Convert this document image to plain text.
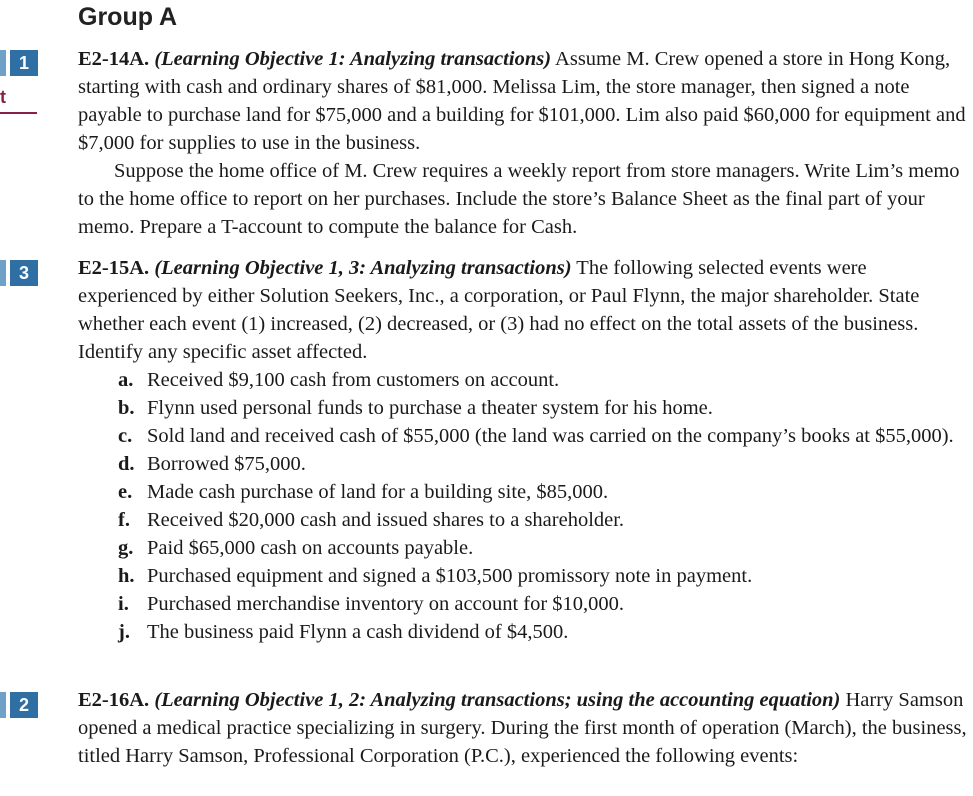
Group A
1
t
3
2

E2-14A. (Learning Objective 1: Analyzing transactions) Assume M. Crew opened a store in Hong Kong, starting with cash and ordinary shares of $81,000. Melissa Lim, the store manager, then signed a note payable to purchase land for $75,000 and a building for $101,000. Lim also paid $60,000 for equipment and $7,000 for supplies to use in the business.

Suppose the home office of M. Crew requires a weekly report from store managers. Write Lim’s memo to the home office to report on her purchases. Include the store’s Balance Sheet as the final part of your memo. Prepare a T-account to compute the balance for Cash.

E2-15A. (Learning Objective 1, 3: Analyzing transactions) The following selected events were experienced by either Solution Seekers, Inc., a corporation, or Paul Flynn, the major shareholder. State whether each event (1) increased, (2) decreased, or (3) had no effect on the total assets of the business. Identify any specific asset affected.

a. Received $9,100 cash from customers on account.
b. Flynn used personal funds to purchase a theater system for his home.
c. Sold land and received cash of $55,000 (the land was carried on the company’s books at $55,000).
d. Borrowed $75,000.
e. Made cash purchase of land for a building site, $85,000.
f. Received $20,000 cash and issued shares to a shareholder.
g. Paid $65,000 cash on accounts payable.
h. Purchased equipment and signed a $103,500 promissory note in payment.
i. Purchased merchandise inventory on account for $10,000.
j. The business paid Flynn a cash dividend of $4,500.

E2-16A. (Learning Objective 1, 2: Analyzing transactions; using the accounting equation) Harry Samson opened a medical practice specializing in surgery. During the first month of operation (March), the business, titled Harry Samson, Professional Corporation (P.C.), experienced the following events:
